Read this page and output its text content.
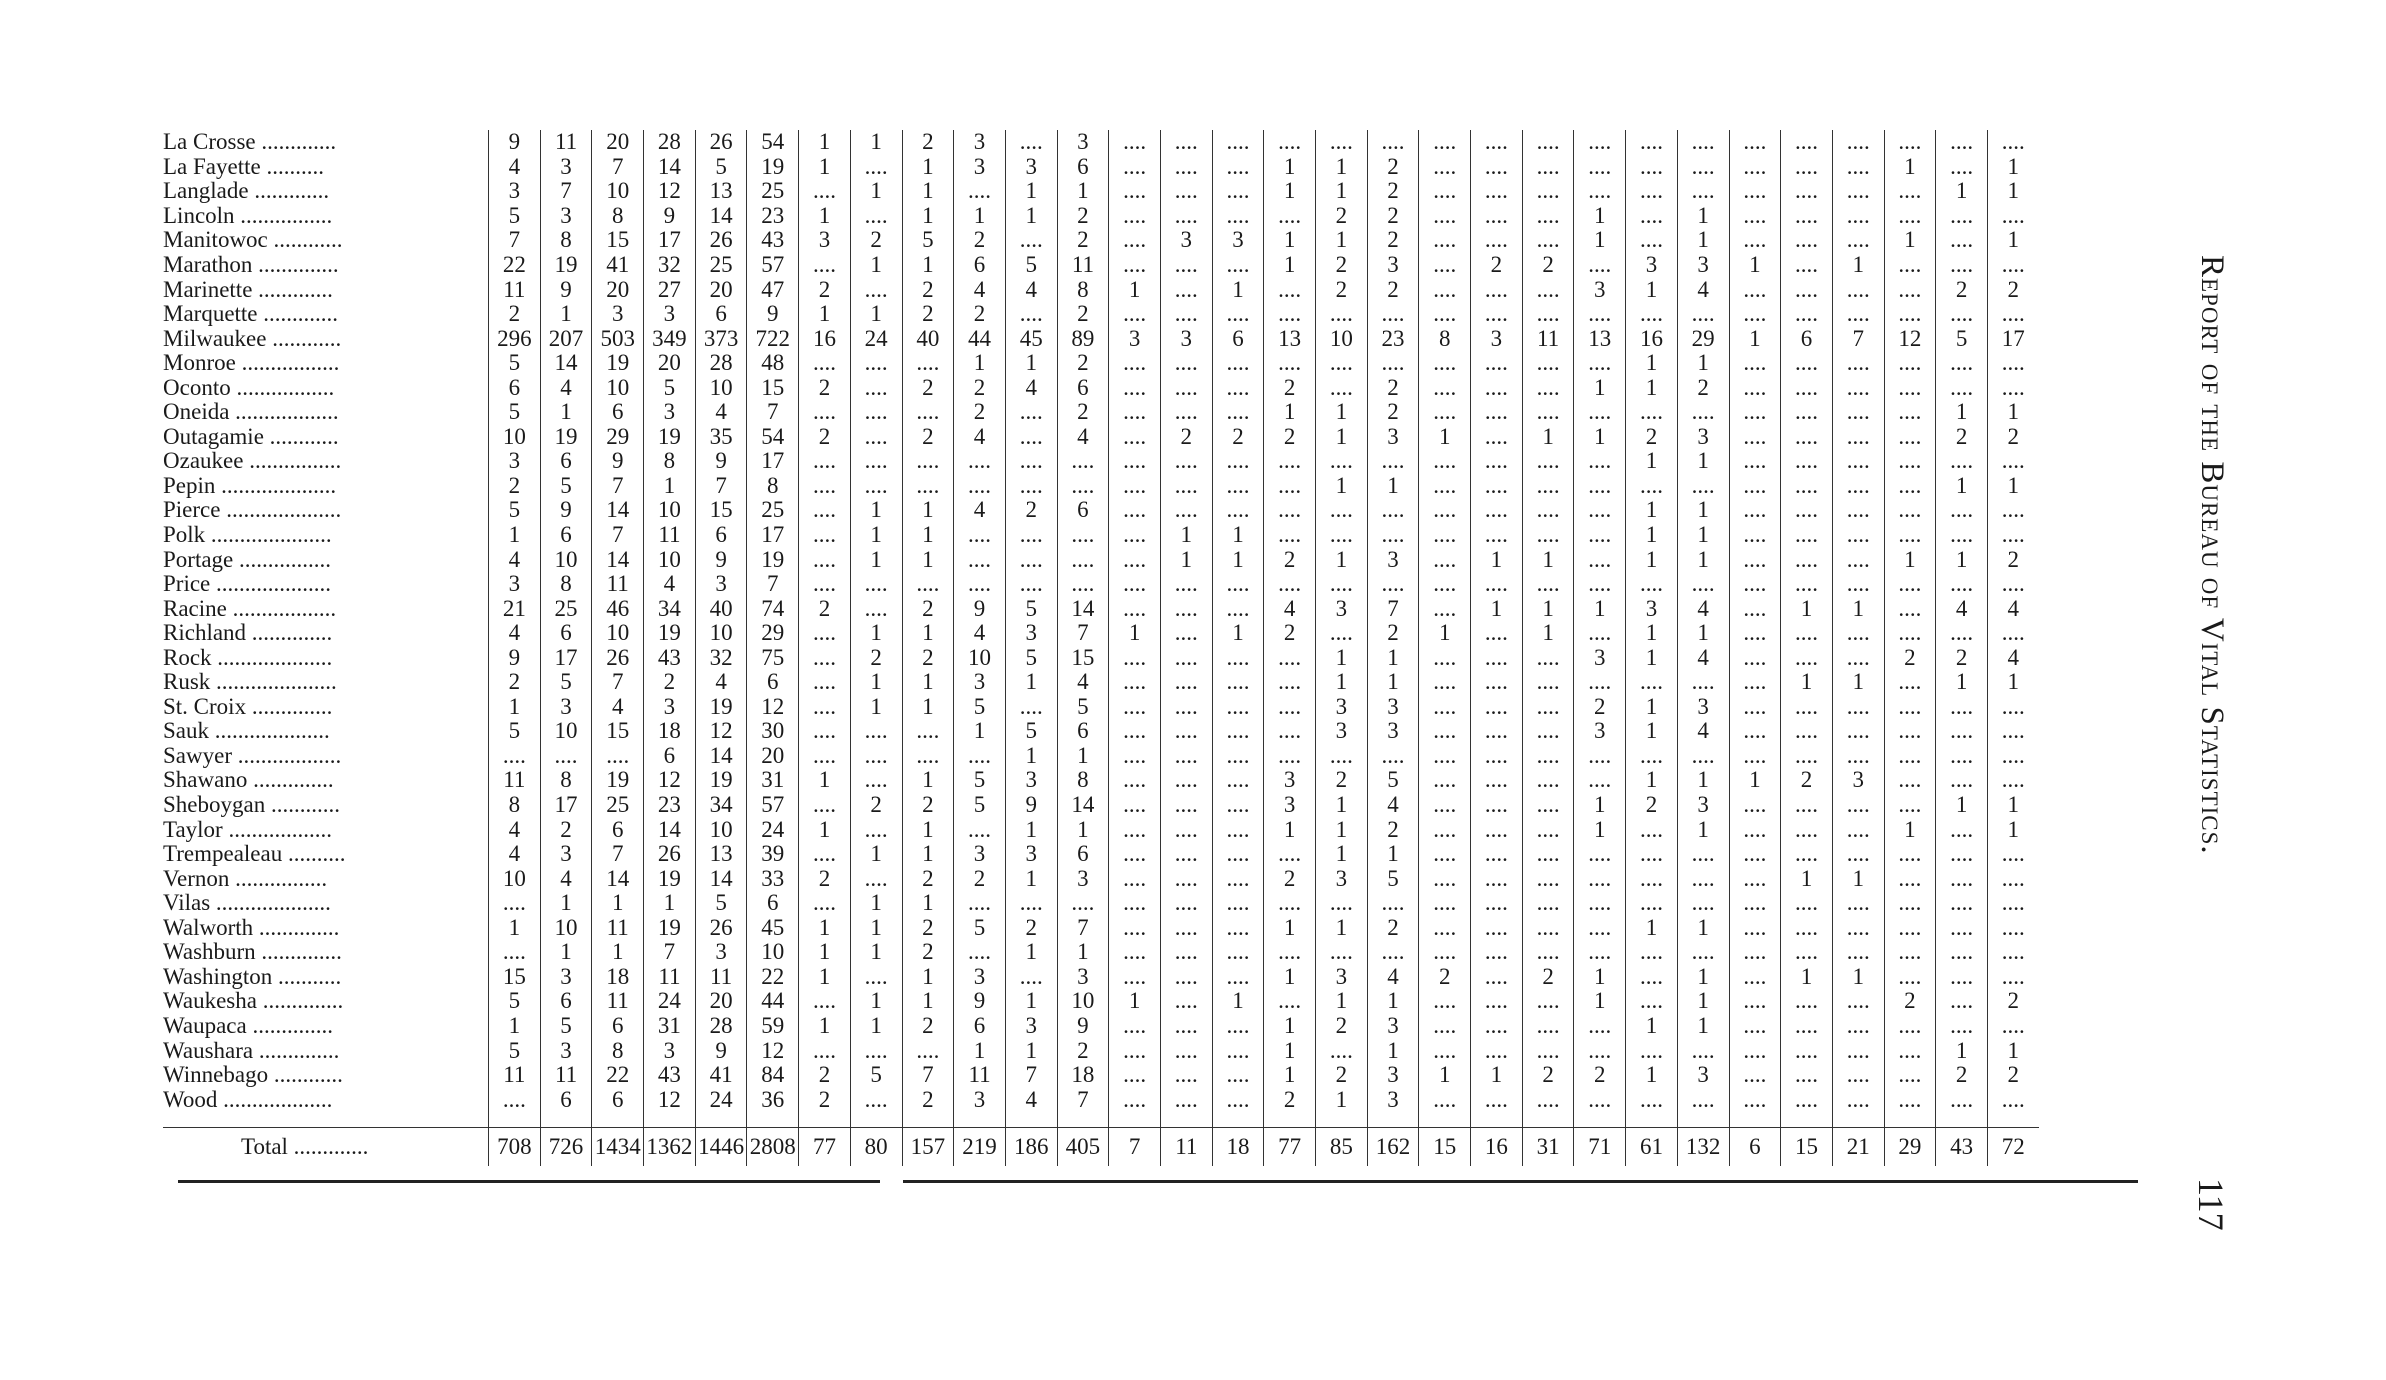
La Crosse .............	9	11	20	28	26	54	1	1	2	3	....	3	....	....	....	....	....	....	....	....	....	....	....	....	....	....	....	....	....	....
La Fayette ..........	4	3	7	14	5	19	1	....	1	3	3	6	....	....	....	1	1	2	....	....	....	....	....	....	....	....	....	1	....	1
Langlade .............	3	7	10	12	13	25	....	1	1	....	1	1	....	....	....	1	1	2	....	....	....	....	....	....	....	....	....	....	1	1
Lincoln ................	5	3	8	9	14	23	1	....	1	1	1	2	....	....	....	....	2	2	....	....	....	1	....	1	....	....	....	....	....	....
Manitowoc ............	7	8	15	17	26	43	3	2	5	2	....	2	....	3	3	1	1	2	....	....	....	1	....	1	....	....	....	1	....	1
Marathon ..............	22	19	41	32	25	57	....	1	1	6	5	11	....	....	....	1	2	3	....	2	2	....	3	3	1	....	1	....	....	....
Marinette .............	11	9	20	27	20	47	2	....	2	4	4	8	1	....	1	....	2	2	....	....	....	3	1	4	....	....	....	....	2	2
Marquette .............	2	1	3	3	6	9	1	1	2	2	....	2	....	....	....	....	....	....	....	....	....	....	....	....	....	....	....	....	....	....
Milwaukee ............	296	207	503	349	373	722	16	24	40	44	45	89	3	3	6	13	10	23	8	3	11	13	16	29	1	6	7	12	5	17
Monroe .................	5	14	19	20	28	48	....	....	....	1	1	2	....	....	....	....	....	....	....	....	....	....	1	1	....	....	....	....	....	....
Oconto .................	6	4	10	5	10	15	2	....	2	2	4	6	....	....	....	2	....	2	....	....	....	1	1	2	....	....	....	....	....	....
Oneida ..................	5	1	6	3	4	7	....	....	....	2	....	2	....	....	....	1	1	2	....	....	....	....	....	....	....	....	....	....	1	1
Outagamie ............	10	19	29	19	35	54	2	....	2	4	....	4	....	2	2	2	1	3	1	....	1	1	2	3	....	....	....	....	2	2
Ozaukee ................	3	6	9	8	9	17	....	....	....	....	....	....	....	....	....	....	....	....	....	....	....	....	1	1	....	....	....	....	....	....
Pepin ....................	2	5	7	1	7	8	....	....	....	....	....	....	....	....	....	....	1	1	....	....	....	....	....	....	....	....	....	....	1	1
Pierce ....................	5	9	14	10	15	25	....	1	1	4	2	6	....	....	....	....	....	....	....	....	....	....	1	1	....	....	....	....	....	....
Polk .....................	1	6	7	11	6	17	....	1	1	....	....	....	....	1	1	....	....	....	....	....	....	....	1	1	....	....	....	....	....	....
Portage ................	4	10	14	10	9	19	....	1	1	....	....	....	....	1	1	2	1	3	....	1	1	....	1	1	....	....	....	1	1	2
Price ....................	3	8	11	4	3	7	....	....	....	....	....	....	....	....	....	....	....	....	....	....	....	....	....	....	....	....	....	....	....	....
Racine ..................	21	25	46	34	40	74	2	....	2	9	5	14	....	....	....	4	3	7	....	1	1	1	3	4	....	1	1	....	4	4
Richland ..............	4	6	10	19	10	29	....	1	1	4	3	7	1	....	1	2	....	2	1	....	1	....	1	1	....	....	....	....	....	....
Rock ....................	9	17	26	43	32	75	....	2	2	10	5	15	....	....	....	....	1	1	....	....	....	3	1	4	....	....	....	2	2	4
Rusk .....................	2	5	7	2	4	6	....	1	1	3	1	4	....	....	....	....	1	1	....	....	....	....	....	....	....	1	1	....	1	1
St. Croix ..............	1	3	4	3	19	12	....	1	1	5	....	5	....	....	....	....	3	3	....	....	....	2	1	3	....	....	....	....	....	....
Sauk ....................	5	10	15	18	12	30	....	....	....	1	5	6	....	....	....	....	3	3	....	....	....	3	1	4	....	....	....	....	....	....
Sawyer ..................	....	....	....	6	14	20	....	....	....	....	1	1	....	....	....	....	....	....	....	....	....	....	....	....	....	....	....	....	....	....
Shawano ..............	11	8	19	12	19	31	1	....	1	5	3	8	....	....	....	3	2	5	....	....	....	....	1	1	1	2	3	....	....	....
Sheboygan ............	8	17	25	23	34	57	....	2	2	5	9	14	....	....	....	3	1	4	....	....	....	1	2	3	....	....	....	....	1	1
Taylor ..................	4	2	6	14	10	24	1	....	1	....	1	1	....	....	....	1	1	2	....	....	....	1	....	1	....	....	....	1	....	1
Trempealeau ..........	4	3	7	26	13	39	....	1	1	3	3	6	....	....	....	....	1	1	....	....	....	....	....	....	....	....	....	....	....	....
Vernon ................	10	4	14	19	14	33	2	....	2	2	1	3	....	....	....	2	3	5	....	....	....	....	....	....	....	1	1	....	....	....
Vilas ....................	....	1	1	1	5	6	....	1	1	....	....	....	....	....	....	....	....	....	....	....	....	....	....	....	....	....	....	....	....	....
Walworth ..............	1	10	11	19	26	45	1	1	2	5	2	7	....	....	....	1	1	2	....	....	....	....	1	1	....	....	....	....	....	....
Washburn ..............	....	1	1	7	3	10	1	1	2	....	1	1	....	....	....	....	....	....	....	....	....	....	....	....	....	....	....	....	....	....
Washington ...........	15	3	18	11	11	22	1	....	1	3	....	3	....	....	....	1	3	4	2	....	2	1	....	1	....	1	1	....	....	....
Waukesha ..............	5	6	11	24	20	44	....	1	1	9	1	10	1	....	1	....	1	1	....	....	....	1	....	1	....	....	....	2	....	2
Waupaca ..............	1	5	6	31	28	59	1	1	2	6	3	9	....	....	....	1	2	3	....	....	....	....	1	1	....	....	....	....	....	....
Waushara ..............	5	3	8	3	9	12	....	....	....	1	1	2	....	....	....	1	....	1	....	....	....	....	....	....	....	....	....	....	1	1
Winnebago ............	11	11	22	43	41	84	2	5	7	11	7	18	....	....	....	1	2	3	1	1	2	2	1	3	....	....	....	....	2	2
Wood ...................	....	6	6	12	24	36	2	....	2	3	4	7	....	....	....	2	1	3	....	....	....	....	....	....	....	....	....	....	....	....

Total .............	708	726	1434	1362	1446	2808	77	80	157	219	186	405	7	11	18	77	85	162	15	16	31	71	61	132	6	15	21	29	43	72
Report of the Bureau of Vital Statistics.
117
